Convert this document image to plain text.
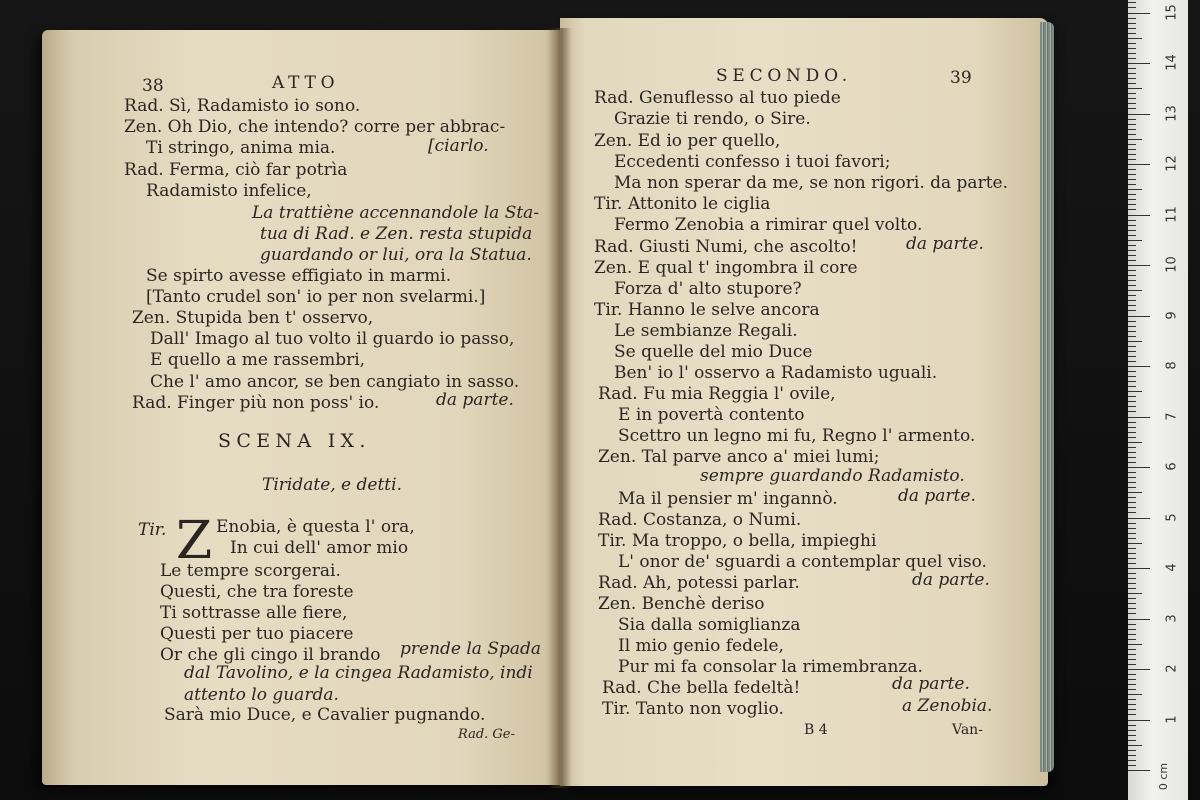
38	ATTO
Rad. Sì, Radamisto io sono.
Zen. Oh Dio, che intendo? corre per abbrac-
Ti stringo, anima mia.	[ciarlo.
Rad. Ferma, ciò far potrìa
Radamisto infelice,
La trattiène accennandole la Sta-
tua di Rad. e Zen. resta stupida
guardando or lui, ora la Statua.
Se spirto avesse effigiato in marmi.
[Tanto crudel son' io per non svelarmi.]
Zen. Stupida ben t' osservo,
Dall' Imago al tuo volto il guardo io passo,
E quello a me rassembri,
Che l' amo ancor, se ben cangiato in sasso.
Rad. Finger più non poss' io.	da parte.
SCENA IX.
Tiridate, e detti.
Tir. Z Enobia, è questa l' ora,
In cui dell' amor mio
Le tempre scorgerai.
Questi, che tra foreste
Ti sottrasse alle fiere,
Questi per tuo piacere
Or che gli cingo il brando prende la Spada
dal Tavolino, e la cingea Radamisto, indi
attento lo guarda.
Sarà mio Duce, e Cavalier pugnando.
Rad. Ge-
SECONDO.	39
Rad. Genuflesso al tuo piede
Grazie ti rendo, o Sire.
Zen. Ed io per quello,
Eccedenti confesso i tuoi favori;
Ma non sperar da me, se non rigori. da parte.
Tir. Attonito le ciglia
Fermo Zenobia a rimirar quel volto.
Rad. Giusti Numi, che ascolto!	da parte.
Zen. E qual t' ingombra il core
Forza d' alto stupore?
Tir. Hanno le selve ancora
Le sembianze Regali.
Se quelle del mio Duce
Ben' io l' osservo a Radamisto uguali.
Rad. Fu mia Reggia l' ovile,
E in povertà contento
Scettro un legno mi fu, Regno l' armento.
Zen. Tal parve anco a' miei lumi;
sempre guardando Radamisto.
Ma il pensier m' ingannò.	da parte.
Rad. Costanza, o Numi.
Tir. Ma troppo, o bella, impieghi
L' onor de' sguardi a contemplar quel viso.
Rad. Ah, potessi parlar.	da parte.
Zen. Benchè deriso
Sia dalla somiglianza
Il mio genio fedele,
Pur mi fa consolar la rimembranza.
Rad. Che bella fedeltà!	da parte.
Tir. Tanto non voglio.	a Zenobia.
B 4	Van-
15
14
13
12
11
10
9
8
7
6
5
4
3
2
1
0 cm
